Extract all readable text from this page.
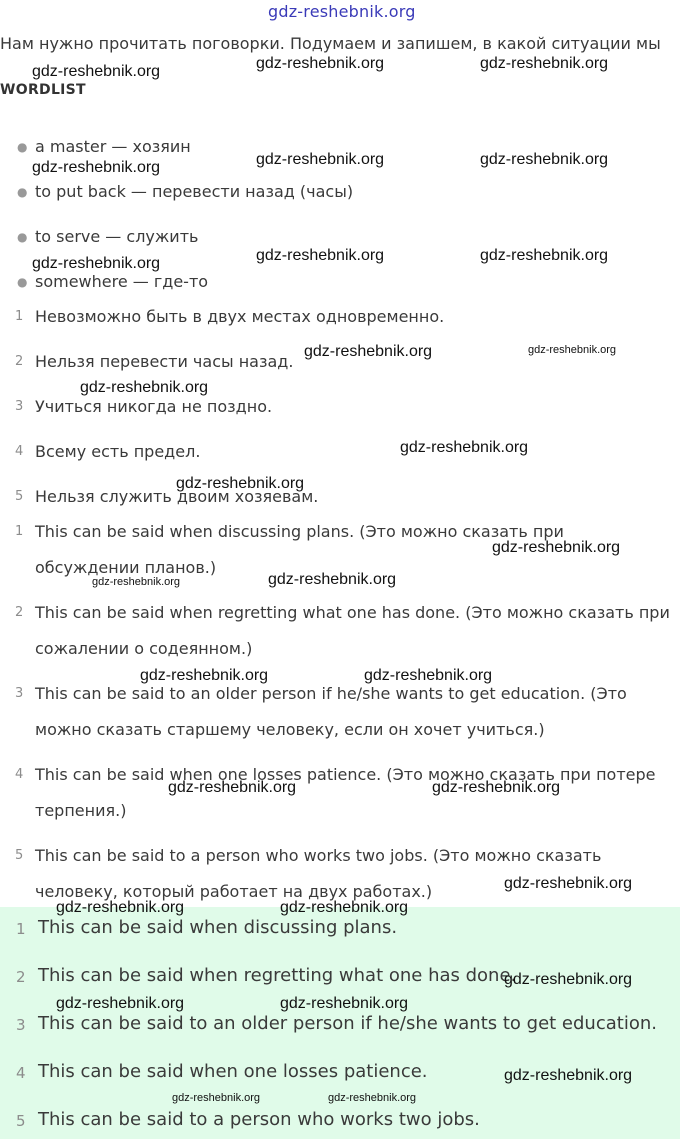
gdz-reshebnik.org
Нам нужно прочитать поговорки. Подумаем и запишем, в какой ситуации мы
WORDLIST
● a master — хозяин
● to put back — перевести назад (часы)
● to serve — служить
● somewhere — где-то
1 Невозможно быть в двух местах одновременно.
2 Нельзя перевести часы назад.
3 Учиться никогда не поздно.
4 Всему есть предел.
5 Нельзя служить двоим хозяевам.
1 This can be said when discussing plans. (Это можно сказать при
обсуждении планов.)
2 This can be said when regretting what one has done. (Это можно сказать при
сожалении о содеянном.)
3 This can be said to an older person if he/she wants to get education. (Это
можно сказать старшему человеку, если он хочет учиться.)
4 This can be said when one losses patience. (Это можно сказать при потере
терпения.)
5 This can be said to a person who works two jobs. (Это можно сказать
человеку, который работает на двух работах.)
1 This can be said when discussing plans.
2 This can be said when regretting what one has done.
3 This can be said to an older person if he/she wants to get education.
4 This can be said when one losses patience.
5 This can be said to a person who works two jobs.
gdz-reshebnik.org	gdz-reshebnik.org	gdz-reshebnik.org
gdz-reshebnik.org	gdz-reshebnik.org	gdz-reshebnik.org
gdz-reshebnik.org	gdz-reshebnik.org	gdz-reshebnik.org
gdz-reshebnik.org	gdz-reshebnik.org
gdz-reshebnik.org
gdz-reshebnik.org
gdz-reshebnik.org
gdz-reshebnik.org
gdz-reshebnik.org	gdz-reshebnik.org
gdz-reshebnik.org	gdz-reshebnik.org
gdz-reshebnik.org	gdz-reshebnik.org
gdz-reshebnik.org
gdz-reshebnik.org	gdz-reshebnik.org
gdz-reshebnik.org
gdz-reshebnik.org	gdz-reshebnik.org
gdz-reshebnik.org
gdz-reshebnik.org	gdz-reshebnik.org
